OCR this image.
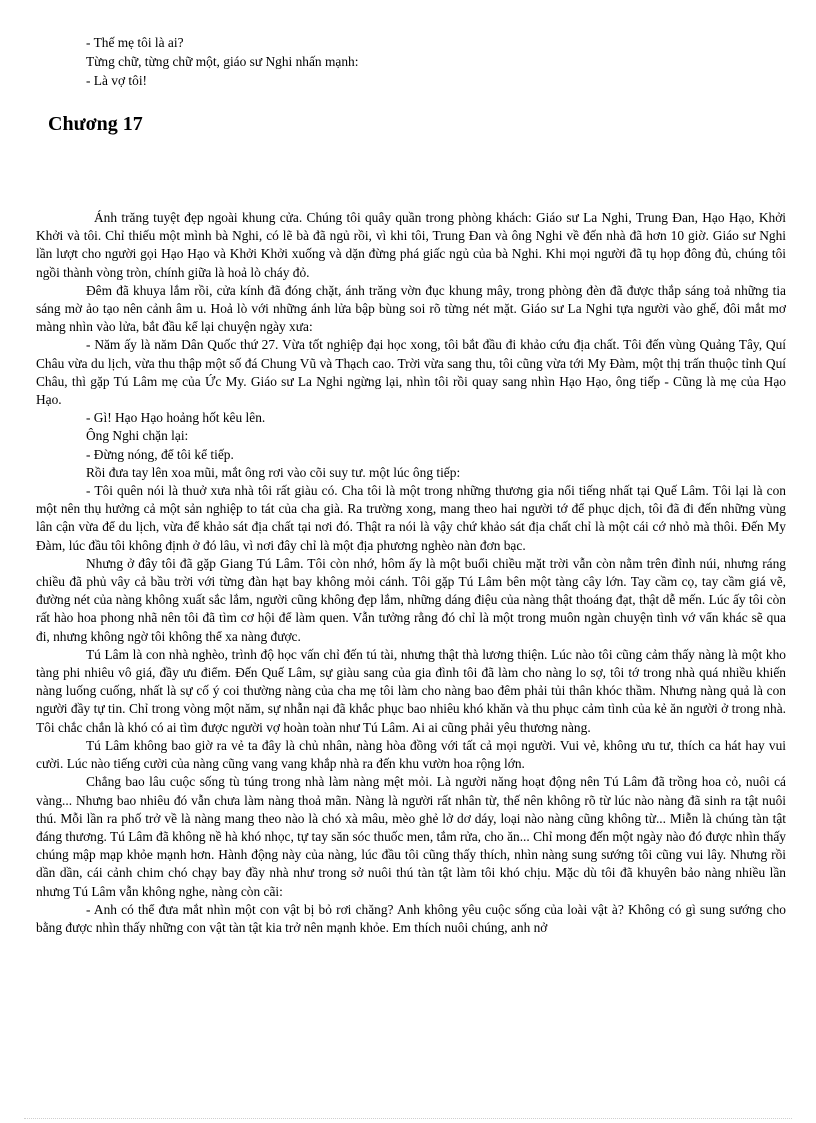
- Thế mẹ tôi là ai?
Từng chữ, từng chữ một, giáo sư Nghi nhấn mạnh:
- Là vợ tôi!
Chương 17

Ánh trăng tuyệt đẹp ngoài khung cửa. Chúng tôi quây quần trong phòng khách: Giáo sư La Nghi, Trung Đan, Hạo Hạo, Khởi Khởi và tôi. Chỉ thiếu một mình bà Nghi, có lẽ bà đã ngủ rồi, vì khi tôi, Trung Đan và ông Nghi về đến nhà đã hơn 10 giờ. Giáo sư Nghi lần lượt cho người gọi Hạo Hạo và Khởi Khởi xuống và dặn đừng phá giấc ngủ của bà Nghi. Khi mọi người đã tụ họp đông đủ, chúng tôi ngồi thành vòng tròn, chính giữa là hoả lò cháy đỏ.

Đêm đã khuya lắm rồi, cửa kính đã đóng chặt, ánh trăng vờn đục khung mây, trong phòng đèn đã được thắp sáng toả những tia sáng mờ ảo tạo nên cảnh âm u. Hoả lò với những ánh lửa bập bùng soi rõ từng nét mặt. Giáo sư La Nghi tựa người vào ghế, đôi mắt mơ màng nhìn vào lửa, bắt đầu kể lại chuyện ngày xưa:

- Năm ấy là năm Dân Quốc thứ 27. Vừa tốt nghiệp đại học xong, tôi bắt đầu đi khảo cứu địa chất. Tôi đến vùng Quảng Tây, Quí Châu vừa du lịch, vừa thu thập một số đá Chung Vũ và Thạch cao. Trời vừa sang thu, tôi cũng vừa tới My Đàm, một thị trấn thuộc tỉnh Quí Châu, thì gặp Tú Lâm mẹ của Ức My. Giáo sư La Nghi ngừng lại, nhìn tôi rồi quay sang nhìn Hạo Hạo, ông tiếp - Cũng là mẹ của Hạo Hạo.

- Gì! Hạo Hạo hoảng hốt kêu lên.

Ông Nghi chặn lại:

- Đừng nóng, để tôi kể tiếp.

Rồi đưa tay lên xoa mũi, mắt ông rơi vào cõi suy tư. một lúc ông tiếp:

- Tôi quên nói là thuở xưa nhà tôi rất giàu có. Cha tôi là một trong những thương gia nổi tiếng nhất tại Quế Lâm. Tôi lại là con một nên thụ hưởng cả một sản nghiệp to tát của cha già. Ra trường xong, mang theo hai người tớ để phục dịch, tôi đã đi đến những vùng lân cận vừa để du lịch, vừa để khảo sát địa chất tại nơi đó. Thật ra nói là vậy chứ khảo sát địa chất chỉ là một cái cớ nhỏ mà thôi. Đến My Đàm, lúc đầu tôi không định ở đó lâu, vì nơi đây chỉ là một địa phương nghèo nàn đơn bạc.

Nhưng ở đây tôi đã gặp Giang Tú Lâm. Tôi còn nhớ, hôm ấy là một buổi chiều mặt trời vẫn còn nằm trên đỉnh núi, nhưng ráng chiều đã phủ vây cả bầu trời với từng đàn hạt bay không mỏi cánh. Tôi gặp Tú Lâm bên một tàng cây lớn. Tay cầm cọ, tay cầm giá vẽ, đường nét của nàng không xuất sắc lắm, người cũng không đẹp lắm, những dáng điệu của nàng thật thoáng đạt, thật dễ mến. Lúc ấy tôi còn rất hào hoa phong nhã nên tôi đã tìm cơ hội để làm quen. Vẫn tưởng rằng đó chỉ là một trong muôn ngàn chuyện tình vớ vẩn khác sẽ qua đi, nhưng không ngờ tôi không thể xa nàng được.

Tú Lâm là con nhà nghèo, trình độ học vấn chỉ đến tú tài, nhưng thật thà lương thiện. Lúc nào tôi cũng cảm thấy nàng là một kho tàng phi nhiêu vô giá, đầy ưu điểm. Đến Quế Lâm, sự giàu sang của gia đình tôi đã làm cho nàng lo sợ, tôi tớ trong nhà quá nhiều khiến nàng luống cuống, nhất là sự cố ý coi thường nàng của cha mẹ tôi làm cho nàng bao đêm phải tủi thân khóc thầm. Nhưng nàng quả là con người đầy tự tin. Chỉ trong vòng một năm, sự nhẫn nại đã khắc phục bao nhiêu khó khăn và thu phục cảm tình của kẻ ăn người ở trong nhà. Tôi chắc chắn là khó có ai tìm được người vợ hoàn toàn như Tú Lâm. Ai ai cũng phải yêu thương nàng.

Tú Lâm không bao giờ ra vẻ ta đây là chủ nhân, nàng hòa đồng với tất cả mọi người. Vui vẻ, không ưu tư, thích ca hát hay vui cười. Lúc nào tiếng cười của nàng cũng vang vang khắp nhà ra đến khu vườn hoa rộng lớn.

Chẳng bao lâu cuộc sống tù túng trong nhà làm nàng mệt mỏi. Là người năng hoạt động nên Tú Lâm đã trồng hoa cỏ, nuôi cá vàng... Nhưng bao nhiêu đó vẫn chưa làm nàng thoả mãn. Nàng là người rất nhân từ, thế nên không rõ từ lúc nào nàng đã sinh ra tật nuôi thú. Mỗi lần ra phố trở về là nàng mang theo nào là chó xà mâu, mèo ghẻ lở dơ dáy, loại nào nàng cũng không từ... Miễn là chúng tàn tật đáng thương. Tú Lâm đã không nề hà khó nhọc, tự tay săn sóc thuốc men, tắm rửa, cho ăn... Chỉ mong đến một ngày nào đó được nhìn thấy chúng mập mạp khỏe mạnh hơn. Hành động này của nàng, lúc đầu tôi cũng thấy thích, nhìn nàng sung sướng tôi cũng vui lây. Nhưng rồi dần dần, cái cảnh chim chó chạy bay đầy nhà như trong sở nuôi thú tàn tật làm tôi khó chịu. Mặc dù tôi đã khuyên bảo nàng nhiều lần nhưng Tú Lâm vẫn không nghe, nàng còn cãi:

- Anh có thể đưa mắt nhìn một con vật bị bỏ rơi chăng? Anh không yêu cuộc sống của loài vật à? Không có gì sung sướng cho bằng được nhìn thấy những con vật tàn tật kia trở nên mạnh khỏe. Em thích nuôi chúng, anh nở
